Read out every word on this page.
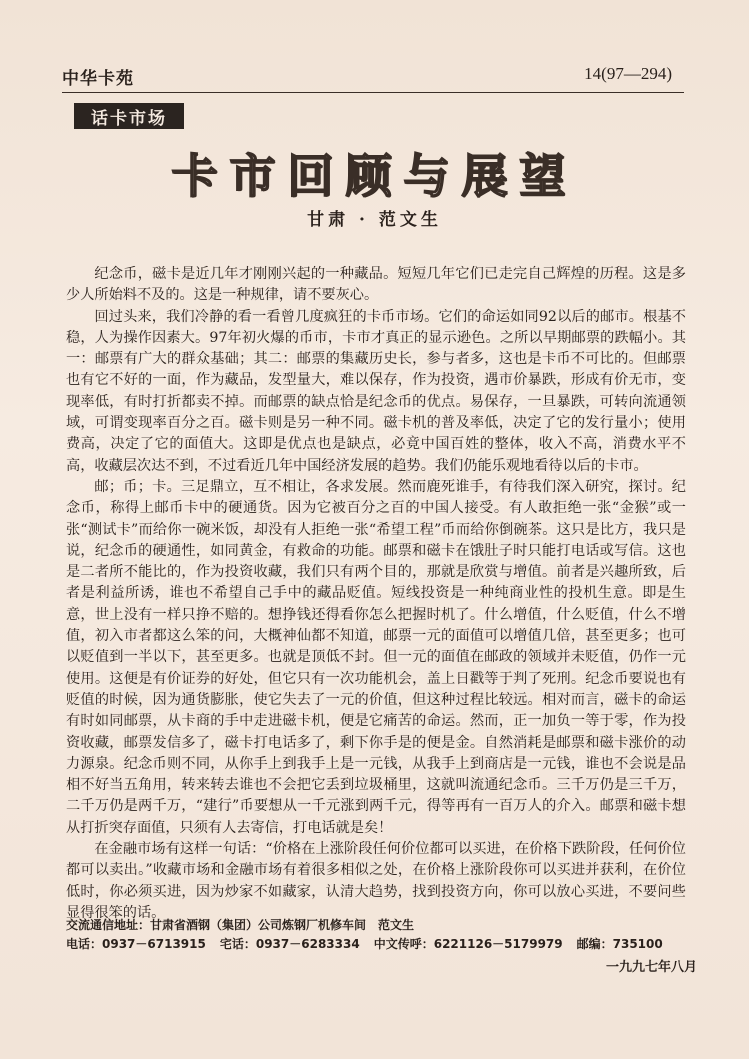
中华卡苑	14(97—294)
话卡市场
卡市回顾与展望
甘肃 · 范文生

纪念币，磁卡是近几年才刚刚兴起的一种藏品。短短几年它们已走完自己辉煌的历程。这是多少人所始料不及的。这是一种规律，请不要灰心。

回过头来，我们冷静的看一看曾几度疯狂的卡币市场。它们的命运如同92以后的邮市。根基不稳，人为操作因素大。97年初火爆的币市，卡市才真正的显示逊色。之所以早期邮票的跌幅小。其一：邮票有广大的群众基础；其二：邮票的集藏历史长，参与者多，这也是卡币不可比的。但邮票也有它不好的一面，作为藏品，发型量大，难以保存，作为投资，遇市价暴跌，形成有价无市，变现率低，有时打折都卖不掉。而邮票的缺点恰是纪念币的优点。易保存，一旦暴跌，可转向流通领域，可谓变现率百分之百。磁卡则是另一种不同。磁卡机的普及率低，决定了它的发行量小；使用费高，决定了它的面值大。这即是优点也是缺点，必竟中国百姓的整体，收入不高，消费水平不高，收藏层次达不到，不过看近几年中国经济发展的趋势。我们仍能乐观地看待以后的卡市。

邮；币；卡。三足鼎立，互不相让，各求发展。然而鹿死谁手，有待我们深入研究，探讨。纪念币，称得上邮币卡中的硬通货。因为它被百分之百的中国人接受。有人敢拒绝一张“金猴”或一张“测试卡”而给你一碗米饭，却没有人拒绝一张“希望工程”币而给你倒碗茶。这只是比方，我只是说，纪念币的硬通性，如同黄金，有救命的功能。邮票和磁卡在饿肚子时只能打电话或写信。这也是二者所不能比的，作为投资收藏，我们只有两个目的，那就是欣赏与增值。前者是兴趣所致，后者是利益所诱，谁也不希望自己手中的藏品贬值。短线投资是一种纯商业性的投机生意。即是生意，世上没有一样只挣不赔的。想挣钱还得看你怎么把握时机了。什么增值，什么贬值，什么不增值，初入市者都这么笨的问，大概神仙都不知道，邮票一元的面值可以增值几倍，甚至更多；也可以贬值到一半以下，甚至更多。也就是顶低不封。但一元的面值在邮政的领域并未贬值，仍作一元使用。这便是有价证券的好处，但它只有一次功能机会，盖上日戳等于判了死刑。纪念币要说也有贬值的时候，因为通货膨胀，使它失去了一元的价值，但这种过程比较远。相对而言，磁卡的命运有时如同邮票，从卡商的手中走进磁卡机，便是它痛苦的命运。然而，正一加负一等于零，作为投资收藏，邮票发信多了，磁卡打电话多了，剩下你手是的便是金。自然消耗是邮票和磁卡涨价的动力源泉。纪念币则不同，从你手上到我手上是一元钱，从我手上到商店是一元钱，谁也不会说是品相不好当五角用，转来转去谁也不会把它丢到垃圾桶里，这就叫流通纪念币。三千万仍是三千万，二千万仍是两千万，“建行”币要想从一千元涨到两千元，得等再有一百万人的介入。邮票和磁卡想从打折突存面值，只须有人去寄信，打电话就是矣！

在金融市场有这样一句话：“价格在上涨阶段任何价位都可以买进，在价格下跌阶段，任何价位都可以卖出。”收藏市场和金融市场有着很多相似之处，在价格上涨阶段你可以买进并获利，在价位低时，你必须买进，因为炒家不如藏家，认清大趋势，找到投资方向，你可以放心买进，不要问些显得很笨的话。

交流通信地址：甘肃省酒钢（集团）公司炼钢厂机修车间　范文生
电话：0937－6713915 宅话：0937－6283334 中文传呼：6221126－5179979 邮编：735100
一九九七年八月
